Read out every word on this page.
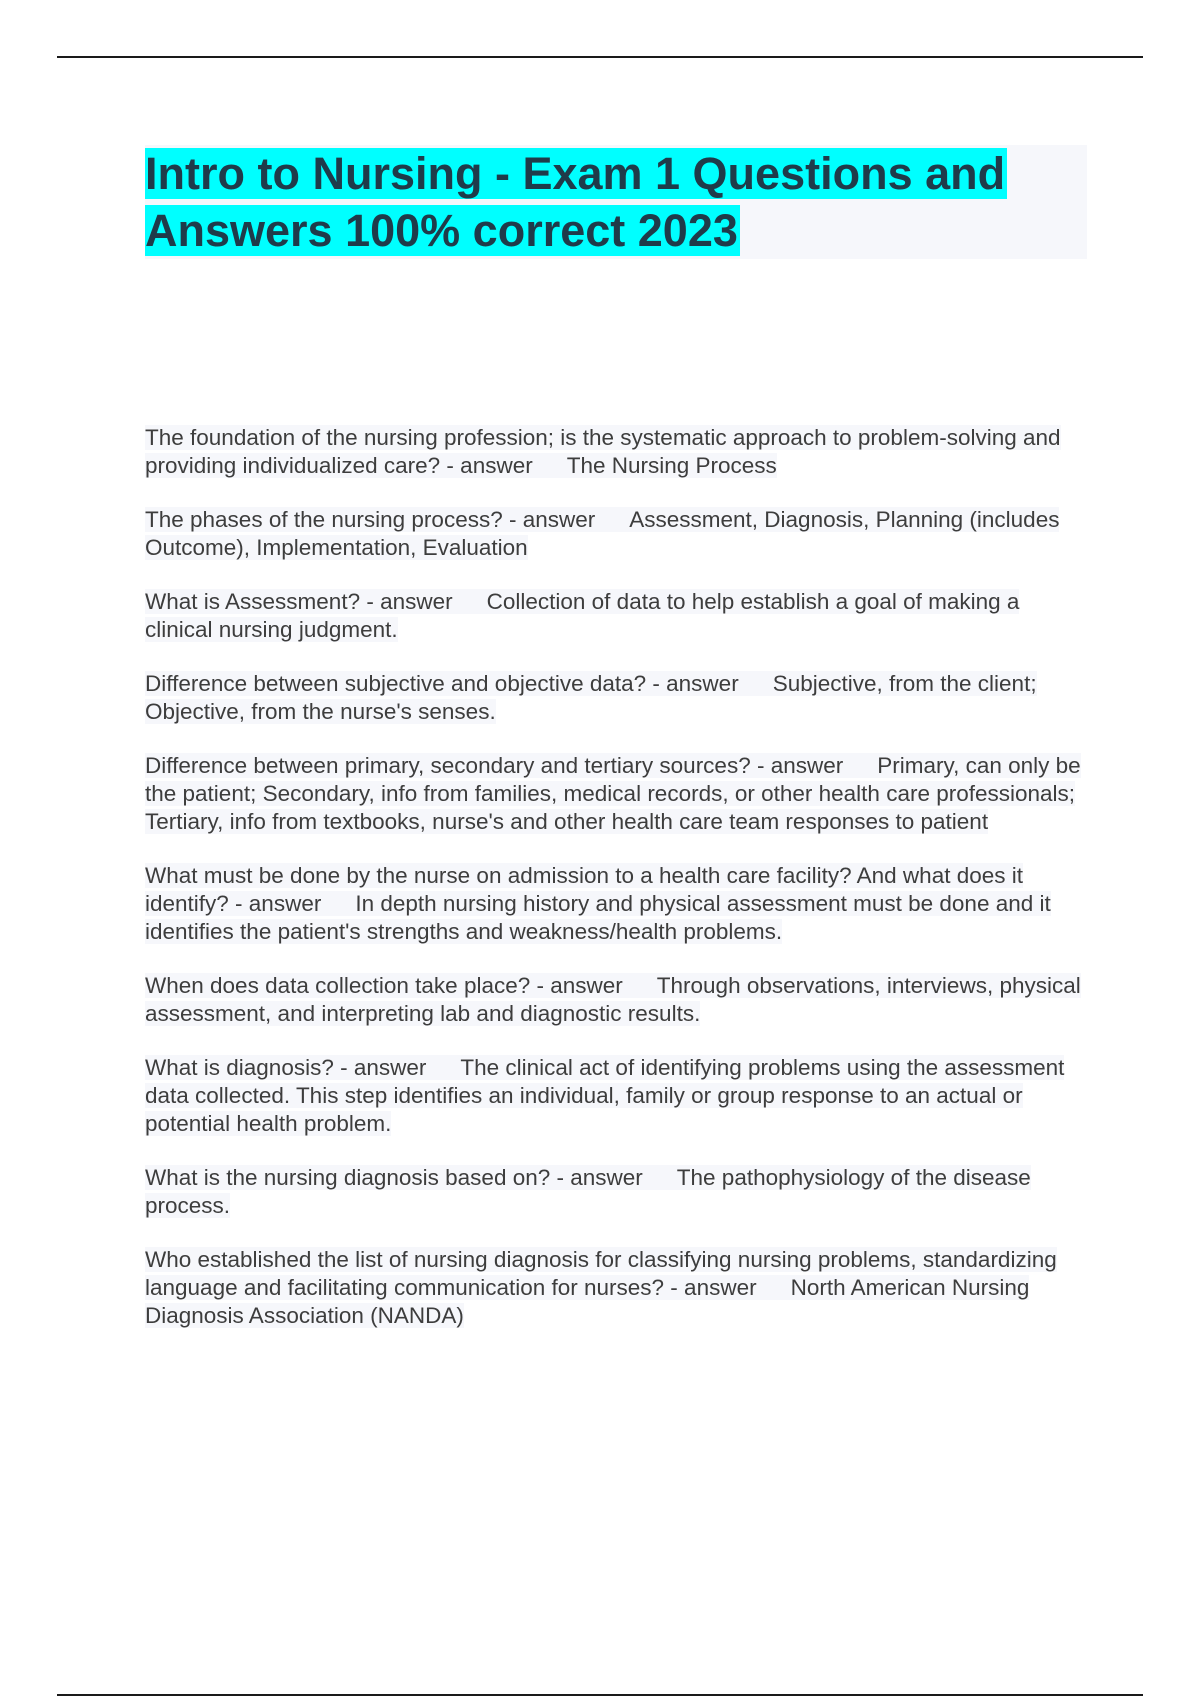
Intro to Nursing - Exam 1 Questions and Answers 100% correct 2023
The foundation of the nursing profession; is the systematic approach to problem-solving and providing individualized care? - answer The Nursing Process
The phases of the nursing process? - answer Assessment, Diagnosis, Planning (includes Outcome), Implementation, Evaluation
What is Assessment? - answer Collection of data to help establish a goal of making a clinical nursing judgment.
Difference between subjective and objective data? - answer Subjective, from the client; Objective, from the nurse's senses.
Difference between primary, secondary and tertiary sources? - answer Primary, can only be the patient; Secondary, info from families, medical records, or other health care professionals; Tertiary, info from textbooks, nurse's and other health care team responses to patient
What must be done by the nurse on admission to a health care facility? And what does it identify? - answer In depth nursing history and physical assessment must be done and it identifies the patient's strengths and weakness/health problems.
When does data collection take place? - answer Through observations, interviews, physical assessment, and interpreting lab and diagnostic results.
What is diagnosis? - answer The clinical act of identifying problems using the assessment data collected. This step identifies an individual, family or group response to an actual or potential health problem.
What is the nursing diagnosis based on? - answer The pathophysiology of the disease process.
Who established the list of nursing diagnosis for classifying nursing problems, standardizing language and facilitating communication for nurses? - answer North American Nursing Diagnosis Association (NANDA)
